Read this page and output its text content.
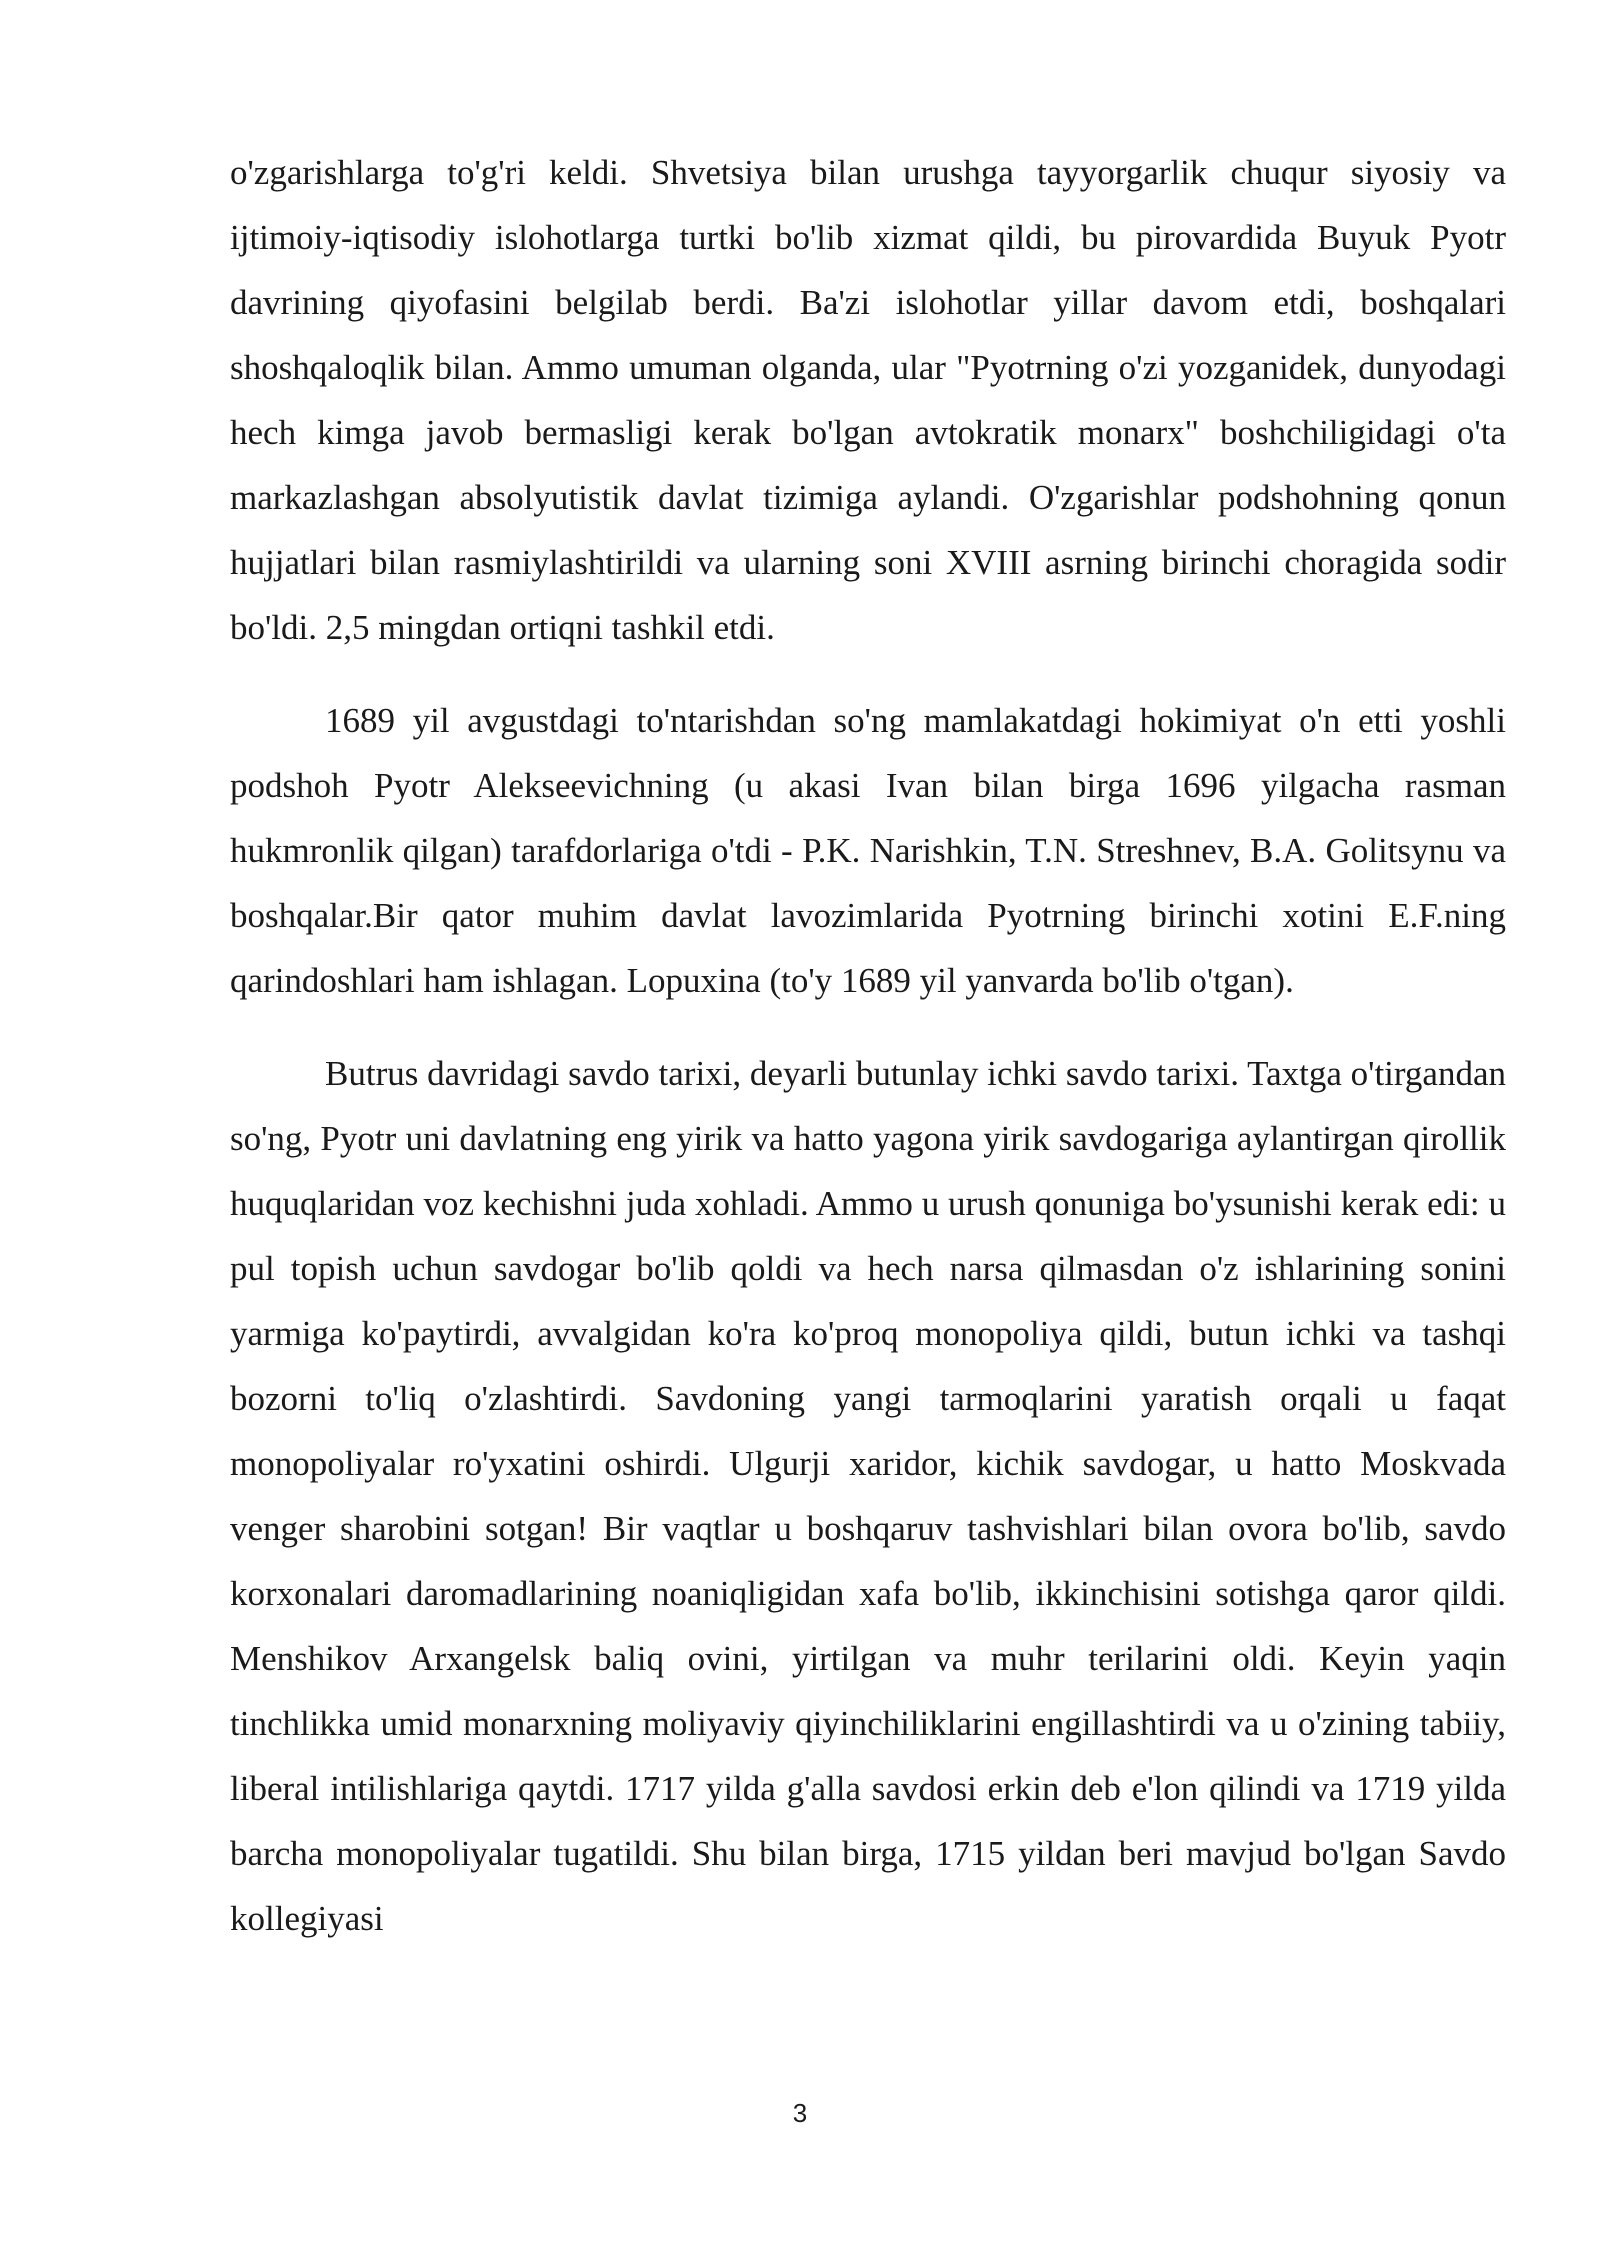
o'zgarishlarga to'g'ri keldi. Shvetsiya bilan urushga tayyorgarlik chuqur siyosiy va ijtimoiy-iqtisodiy islohotlarga turtki bo'lib xizmat qildi, bu pirovardida Buyuk Pyotr davrining qiyofasini belgilab berdi. Ba'zi islohotlar yillar davom etdi, boshqalari shoshqaloqlik bilan. Ammo umuman olganda, ular "Pyotrning o'zi yozganidek, dunyodagi hech kimga javob bermasligi kerak bo'lgan avtokratik monarx" boshchiligidagi o'ta markazlashgan absolyutistik davlat tizimiga aylandi. O'zgarishlar podshohning qonun hujjatlari bilan rasmiylashtirildi va ularning soni XVIII asrning birinchi choragida sodir bo'ldi. 2,5 mingdan ortiqni tashkil etdi.

1689 yil avgustdagi to'ntarishdan so'ng mamlakatdagi hokimiyat o'n etti yoshli podshoh Pyotr Alekseevichning (u akasi Ivan bilan birga 1696 yilgacha rasman hukmronlik qilgan) tarafdorlariga o'tdi - P.K. Narishkin, T.N. Streshnev, B.A. Golitsynu va boshqalar.Bir qator muhim davlat lavozimlarida Pyotrning birinchi xotini E.F.ning qarindoshlari ham ishlagan. Lopuxina (to'y 1689 yil yanvarda bo'lib o'tgan).

Butrus davridagi savdo tarixi, deyarli butunlay ichki savdo tarixi. Taxtga o'tirgandan so'ng, Pyotr uni davlatning eng yirik va hatto yagona yirik savdogariga aylantirgan qirollik huquqlaridan voz kechishni juda xohladi. Ammo u urush qonuniga bo'ysunishi kerak edi: u pul topish uchun savdogar bo'lib qoldi va hech narsa qilmasdan o'z ishlarining sonini yarmiga ko'paytirdi, avvalgidan ko'ra ko'proq monopoliya qildi, butun ichki va tashqi bozorni to'liq o'zlashtirdi. Savdoning yangi tarmoqlarini yaratish orqali u faqat monopoliyalar ro'yxatini oshirdi. Ulgurji xaridor, kichik savdogar, u hatto Moskvada venger sharobini sotgan! Bir vaqtlar u boshqaruv tashvishlari bilan ovora bo'lib, savdo korxonalari daromadlarining noaniqligidan xafa bo'lib, ikkinchisini sotishga qaror qildi. Menshikov Arxangelsk baliq ovini, yirtilgan va muhr terilarini oldi. Keyin yaqin tinchlikka umid monarxning moliyaviy qiyinchiliklarini engillashtirdi va u o'zining tabiiy, liberal intilishlariga qaytdi. 1717 yilda g'alla savdosi erkin deb e'lon qilindi va 1719 yilda barcha monopoliyalar tugatildi. Shu bilan birga, 1715 yildan beri mavjud bo'lgan Savdo kollegiyasi

3
